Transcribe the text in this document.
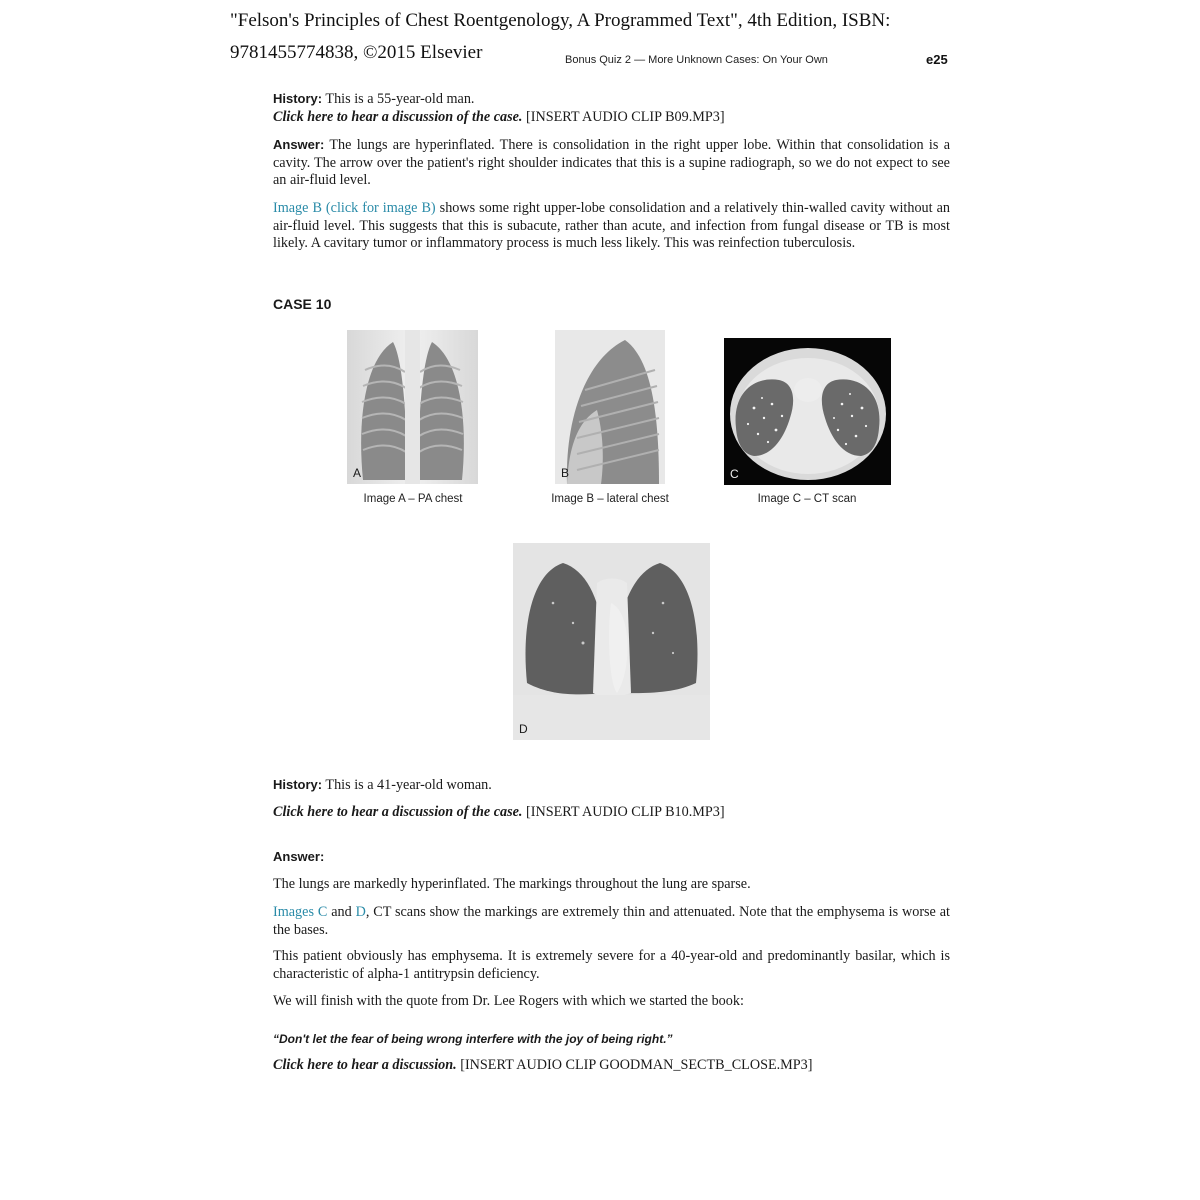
"Felson's Principles of Chest Roentgenology, A Programmed Text", 4th Edition, ISBN:
9781455774838, ©2015 Elsevier	Bonus Quiz 2 — More Unknown Cases: On Your Own	e25

History: This is a 55-year-old man.
Click here to hear a discussion of the case. [INSERT AUDIO CLIP B09.MP3]

Answer: The lungs are hyperinflated. There is consolidation in the right upper lobe. Within that consolidation is a cavity. The arrow over the patient's right shoulder indicates that this is a supine radiograph, so we do not expect to see an air-fluid level.

Image B (click for image B) shows some right upper-lobe consolidation and a relatively thin-walled cavity without an air-fluid level. This suggests that this is subacute, rather than acute, and infection from fungal disease or TB is most likely. A cavitary tumor or inflammatory process is much less likely. This was reinfection tuberculosis.

CASE 10
A
Image A – PA chest
B
Image B – lateral chest
C
Image C – CT scan
D

History: This is a 41-year-old woman.

Click here to hear a discussion of the case. [INSERT AUDIO CLIP B10.MP3]

Answer:

The lungs are markedly hyperinflated. The markings throughout the lung are sparse.

Images C and D, CT scans show the markings are extremely thin and attenuated. Note that the emphysema is worse at the bases.

This patient obviously has emphysema. It is extremely severe for a 40-year-old and predominantly basilar, which is characteristic of alpha-1 antitrypsin deficiency.

We will finish with the quote from Dr. Lee Rogers with which we started the book:

“Don't let the fear of being wrong interfere with the joy of being right.”

Click here to hear a discussion. [INSERT AUDIO CLIP GOODMAN_SECTB_CLOSE.MP3]
